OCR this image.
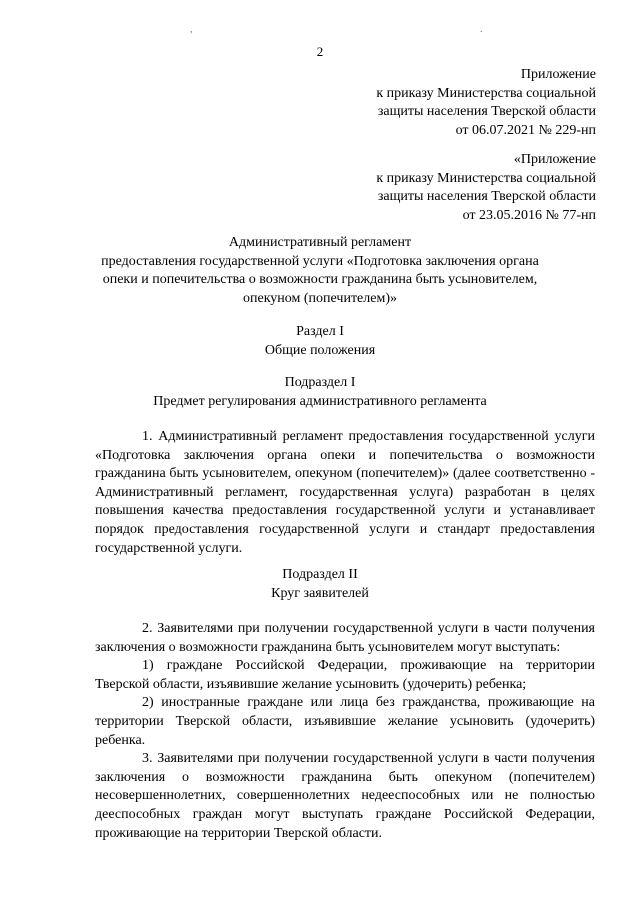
,	.
2
Приложение
к приказу Министерства социальной
защиты населения Тверской области
от 06.07.2021 № 229-нп
«Приложение
к приказу Министерства социальной
защиты населения Тверской области
от 23.05.2016 № 77-нп
Административный регламент
предоставления государственной услуги «Подготовка заключения органа
опеки и попечительства о возможности гражданина быть усыновителем,
опекуном (попечителем)»
Раздел I
Общие положения
Подраздел I
Предмет регулирования административного регламента
1. Административный регламент предоставления государственной услуги «Подготовка заключения органа опеки и попечительства о возможности гражданина быть усыновителем, опекуном (попечителем)» (далее соответственно - Административный регламент, государственная услуга) разработан в целях повышения качества предоставления государственной услуги и устанавливает порядок предоставления государственной услуги и стандарт предоставления государственной услуги.
Подраздел II
Круг заявителей
2. Заявителями при получении государственной услуги в части получения заключения о возможности гражданина быть усыновителем могут выступать:
1) граждане Российской Федерации, проживающие на территории Тверской области, изъявившие желание усыновить (удочерить) ребенка;
2) иностранные граждане или лица без гражданства, проживающие на территории Тверской области, изъявившие желание усыновить (удочерить) ребенка.
3. Заявителями при получении государственной услуги в части получения заключения о возможности гражданина быть опекуном (попечителем) несовершеннолетних, совершеннолетних недееспособных или не полностью дееспособных граждан могут выступать граждане Российской Федерации, проживающие на территории Тверской области.
